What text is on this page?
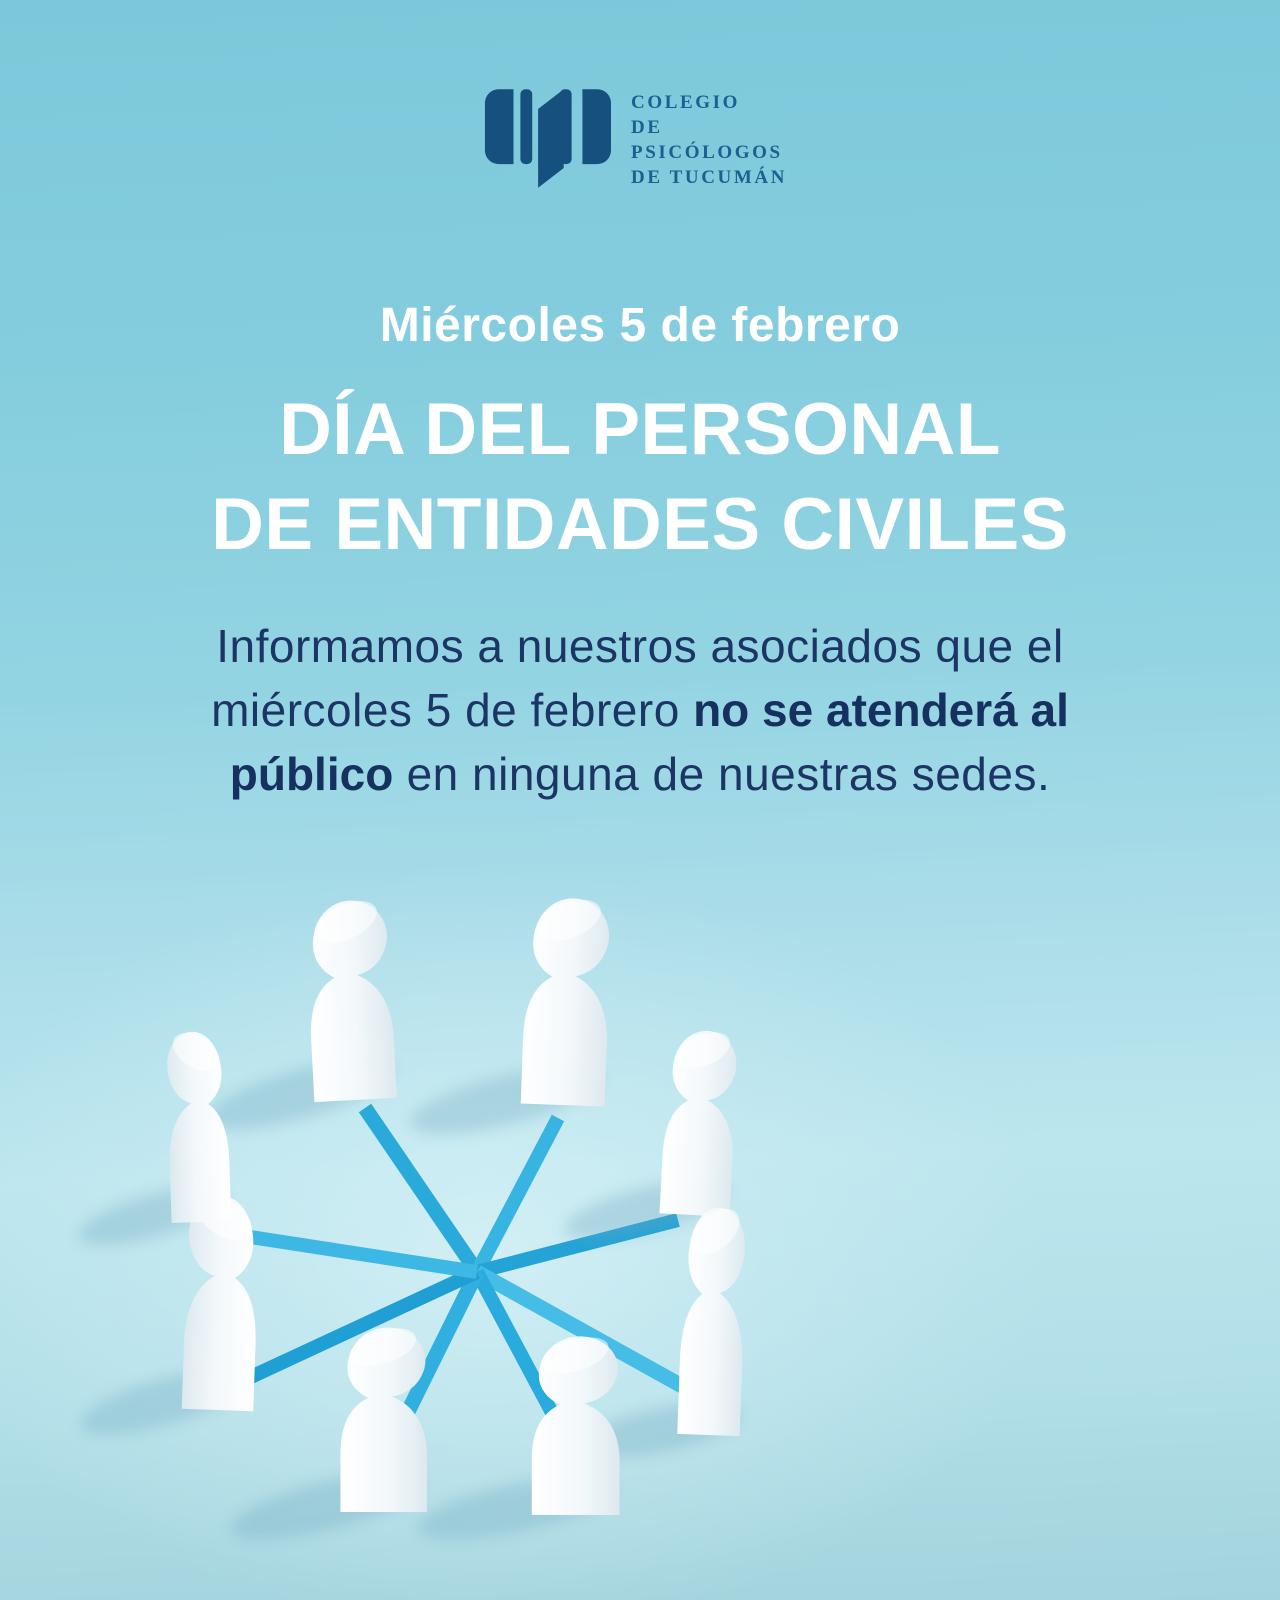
COLEGIO DE
PSICÓLOGOS
DE TUCUMÁN
Miércoles 5 de febrero
DÍA DEL PERSONAL
DE ENTIDADES CIVILES
Informamos a nuestros asociados que el
miércoles 5 de febrero no se atenderá al
público en ninguna de nuestras sedes.
